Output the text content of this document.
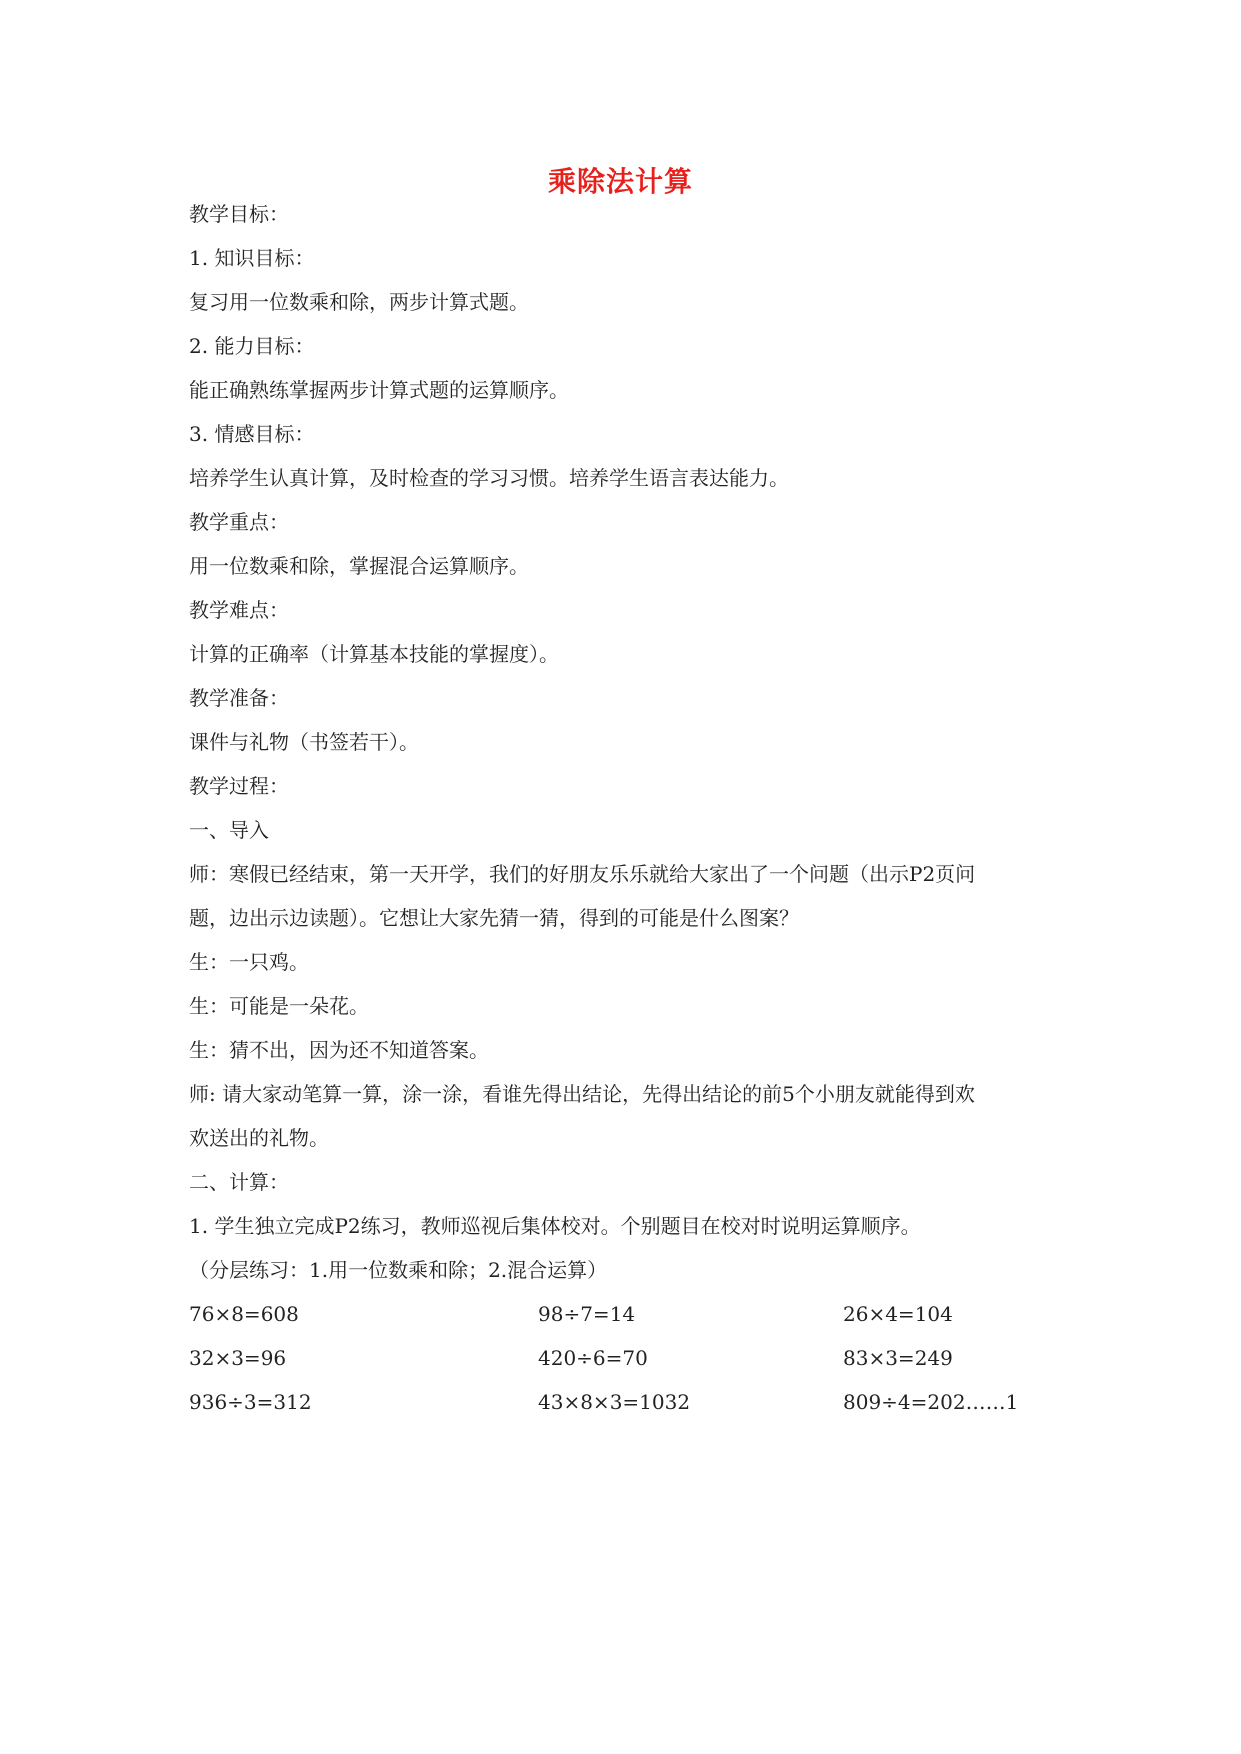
乘除法计算
教学目标：
1. 知识目标：
复习用一位数乘和除，两步计算式题。
2. 能力目标：
能正确熟练掌握两步计算式题的运算顺序。
3. 情感目标：
培养学生认真计算，及时检查的学习习惯。培养学生语言表达能力。
教学重点：
用一位数乘和除，掌握混合运算顺序。
教学难点：
计算的正确率（计算基本技能的掌握度）。
教学准备：
课件与礼物（书签若干）。
教学过程：
一、导入
师：寒假已经结束，第一天开学，我们的好朋友乐乐就给大家出了一个问题（出示P2页问
题，边出示边读题）。它想让大家先猜一猜，得到的可能是什么图案？
生：一只鸡。
生：可能是一朵花。
生：猜不出，因为还不知道答案。
师: 请大家动笔算一算，涂一涂，看谁先得出结论，先得出结论的前5个小朋友就能得到欢
欢送出的礼物。
二、计算：
1. 学生独立完成P2练习，教师巡视后集体校对。个别题目在校对时说明运算顺序。
（分层练习：1.用一位数乘和除；2.混合运算）
76×8=608	98÷7=14	26×4=104
32×3=96	420÷6=70	83×3=249
936÷3=312	43×8×3=1032	809÷4=202……1
